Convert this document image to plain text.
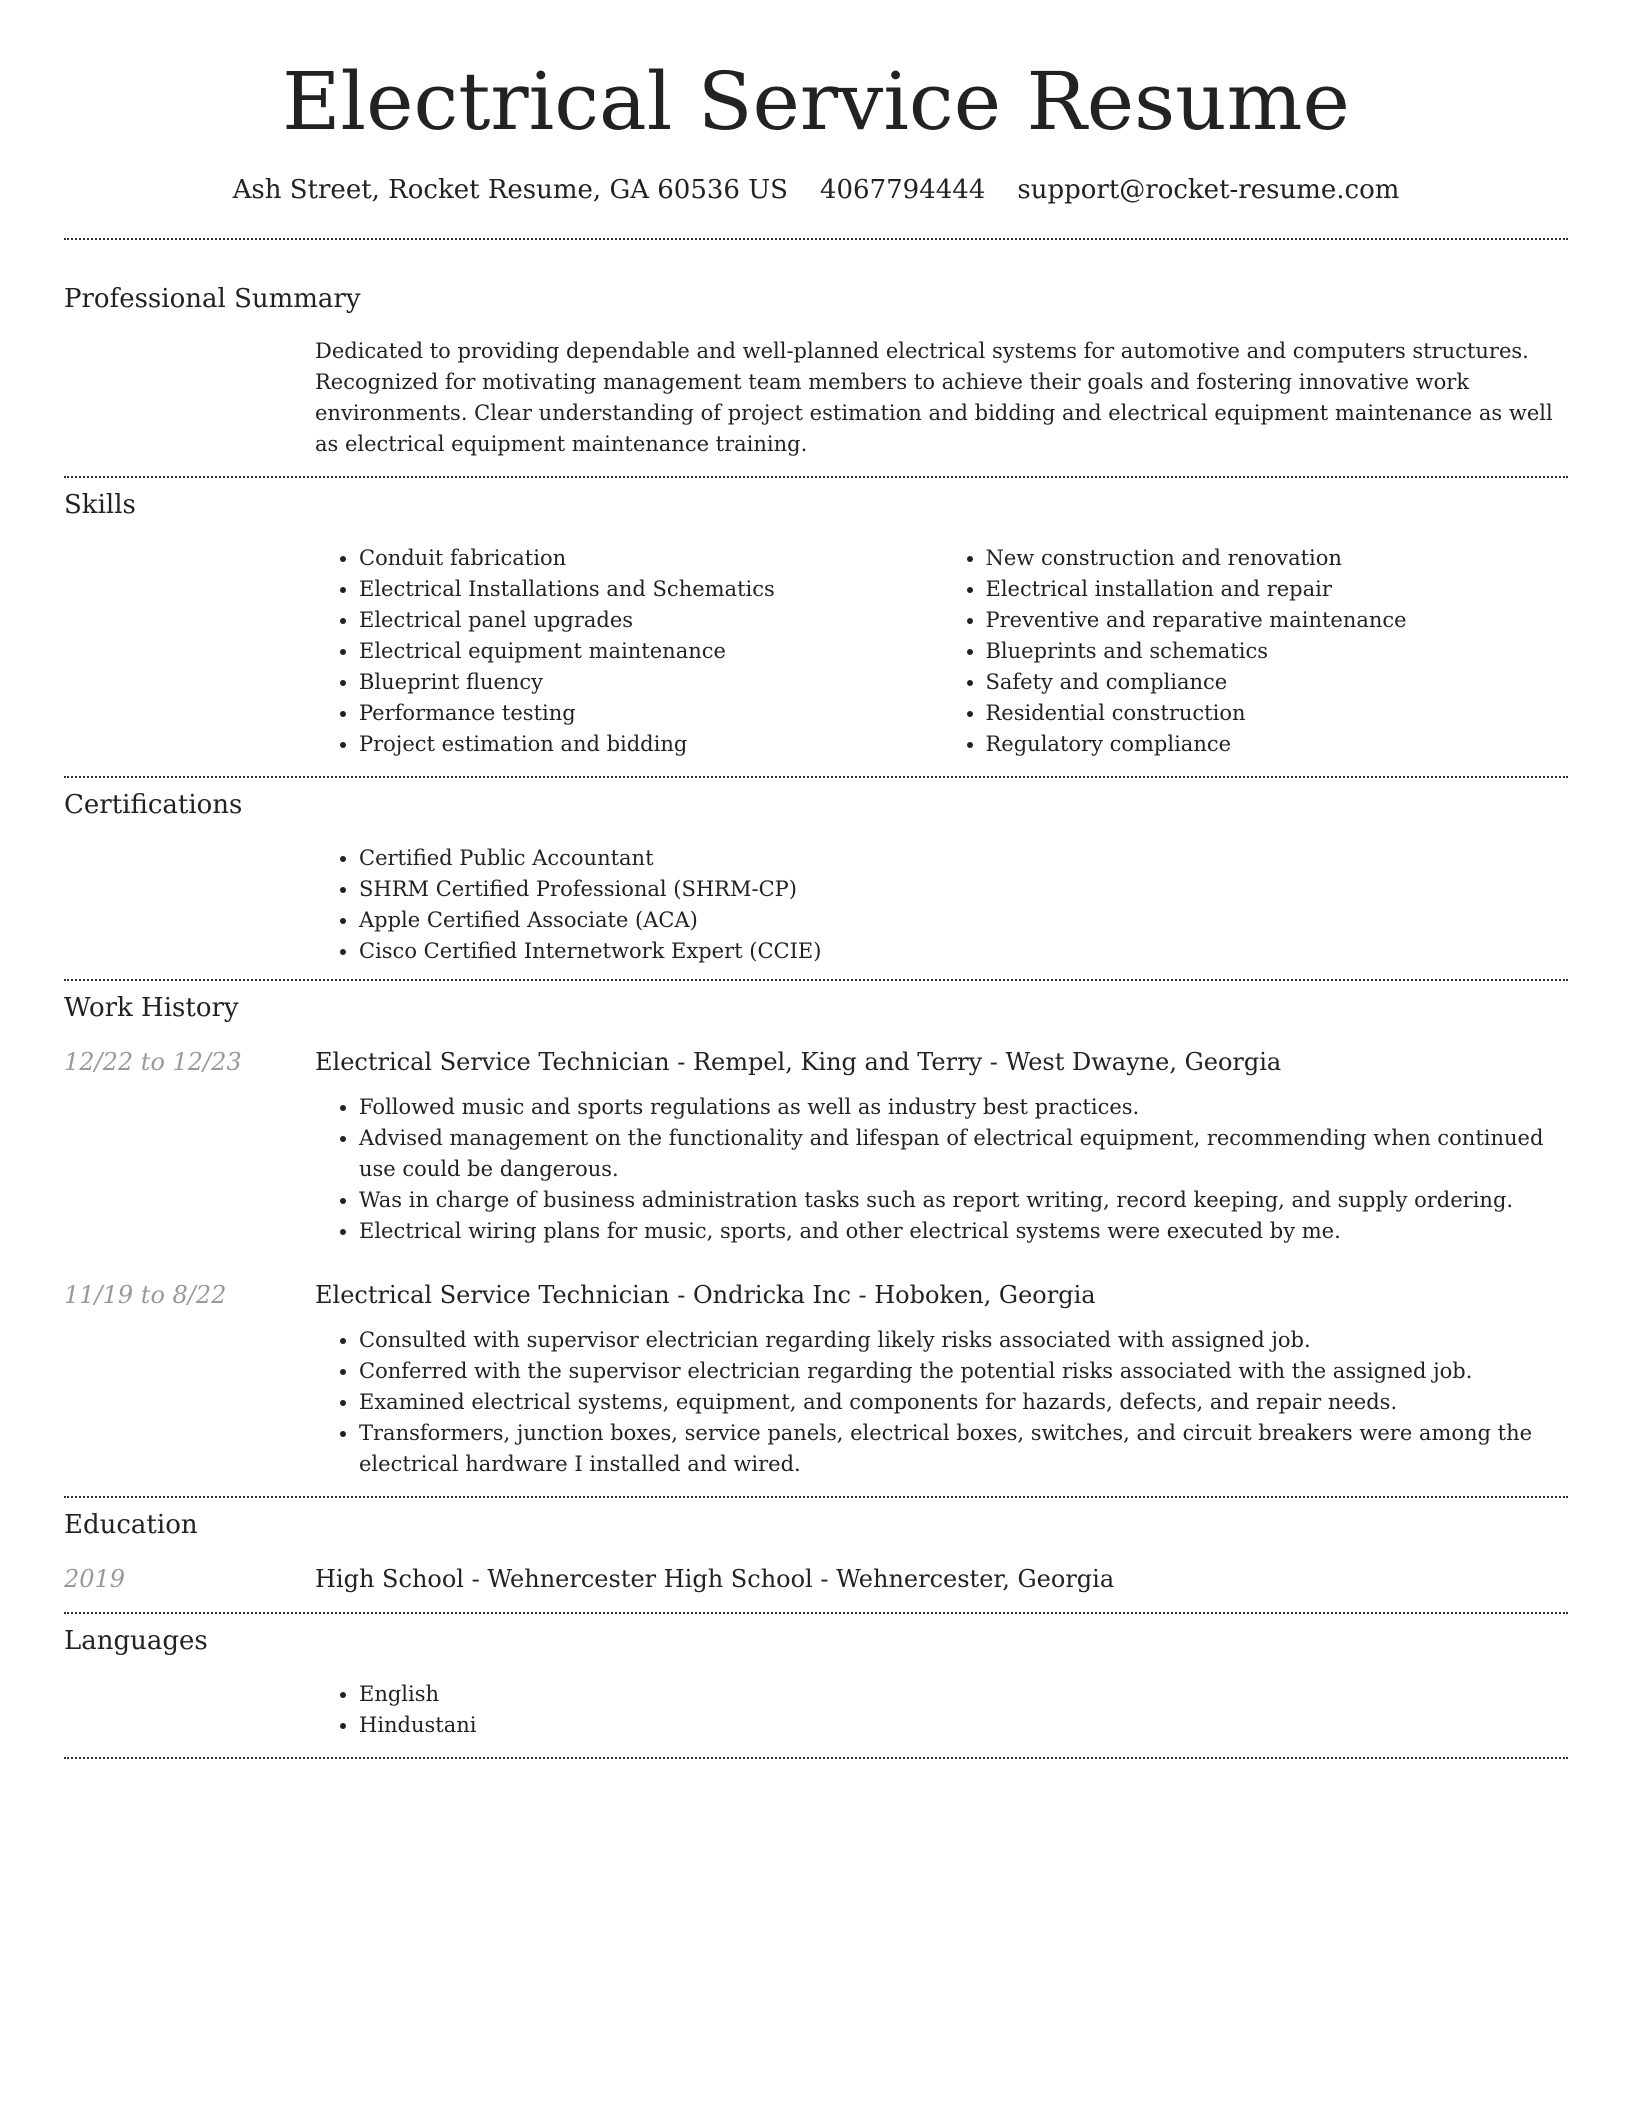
Electrical Service Resume
Ash Street, Rocket Resume, GA 60536 US 4067794444 support@rocket-resume.com
Professional Summary

Dedicated to providing dependable and well-planned electrical systems for automotive and computers structures. Recognized for motivating management team members to achieve their goals and fostering innovative work environments. Clear understanding of project estimation and bidding and electrical equipment maintenance as well as electrical equipment maintenance training.

Skills
• Conduit fabrication
• Electrical Installations and Schematics
• Electrical panel upgrades
• Electrical equipment maintenance
• Blueprint fluency
• Performance testing
• Project estimation and bidding
• New construction and renovation
• Electrical installation and repair
• Preventive and reparative maintenance
• Blueprints and schematics
• Safety and compliance
• Residential construction
• Regulatory compliance
Certifications
• Certified Public Accountant
• SHRM Certified Professional (SHRM-CP)
• Apple Certified Associate (ACA)
• Cisco Certified Internetwork Expert (CCIE)
Work History
12/22 to 12/23	Electrical Service Technician - Rempel, King and Terry - West Dwayne, Georgia
• Followed music and sports regulations as well as industry best practices.
• Advised management on the functionality and lifespan of electrical equipment, recommending when continued use could be dangerous.
• Was in charge of business administration tasks such as report writing, record keeping, and supply ordering.
• Electrical wiring plans for music, sports, and other electrical systems were executed by me.
11/19 to 8/22	Electrical Service Technician - Ondricka Inc - Hoboken, Georgia
• Consulted with supervisor electrician regarding likely risks associated with assigned job.
• Conferred with the supervisor electrician regarding the potential risks associated with the assigned job.
• Examined electrical systems, equipment, and components for hazards, defects, and repair needs.
• Transformers, junction boxes, service panels, electrical boxes, switches, and circuit breakers were among the electrical hardware I installed and wired.
Education
2019	High School - Wehnercester High School - Wehnercester, Georgia
Languages
• English
• Hindustani
